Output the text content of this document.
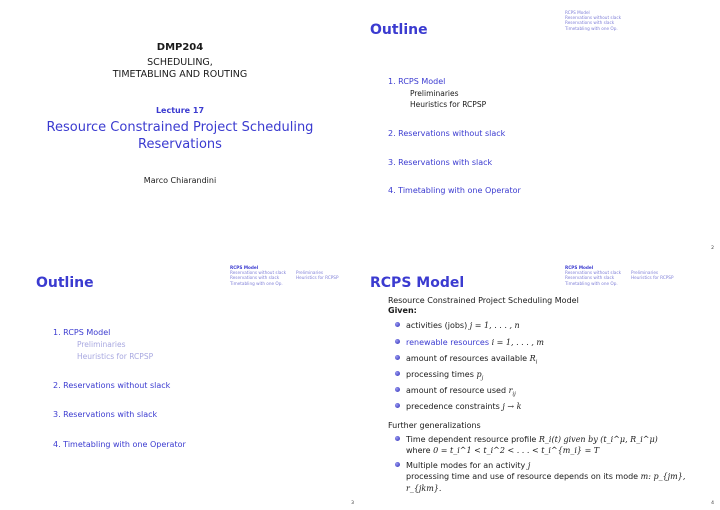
DMP204
SCHEDULING,
TIMETABLING AND ROUTING
Lecture 17
Resource Constrained Project Scheduling
Reservations
Marco Chiarandini
RCPS Model
Reservations without slack
Reservations with slack
Timetabling with one Op.
Outline
1. RCPS Model
Preliminaries
Heuristics for RCPSP
2. Reservations without slack
3. Reservations with slack
4. Timetabling with one Operator
2
RCPS Model
Reservations without slack
Reservations with slack
Timetabling with one Op.

Preliminaries
Heuristics for RCPSP
Outline
1. RCPS Model
Preliminaries
Heuristics for RCPSP
2. Reservations without slack
3. Reservations with slack
4. Timetabling with one Operator
3
RCPS Model
Reservations without slack
Reservations with slack
Timetabling with one Op.

Preliminaries
Heuristics for RCPSP
RCPS Model
Resource Constrained Project Scheduling Model
Given:
activities (jobs) j = 1, . . . , n
renewable resources i = 1, . . . , m
amount of resources available $R_i$
processing times $p_j$
amount of resource used $r_{ij}$
precedence constraints j → k
Further generalizations
Time dependent resource profile R_i(t) given by (t_i^μ, R_i^μ)
where 0 = t_i^1 < t_i^2 < . . . < t_i^{m_i} = T
Multiple modes for an activity j
processing time and use of resource depends on its mode m: p_{jm},
r_{jkm}.
4
